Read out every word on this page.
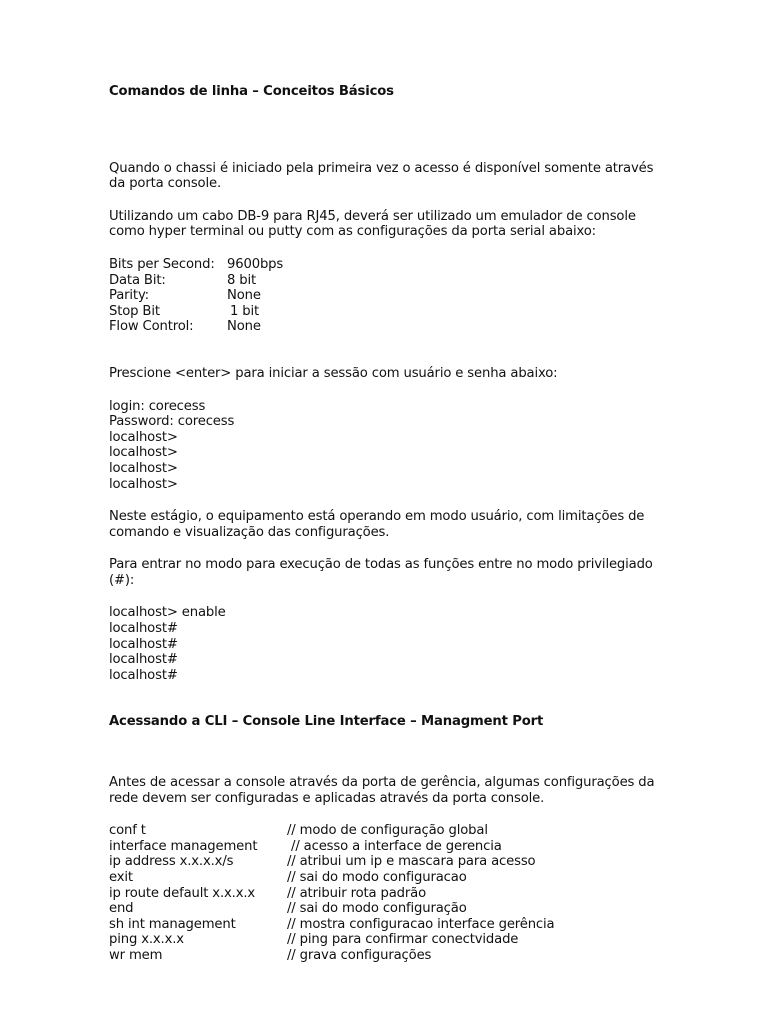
Comandos de linha – Conceitos Básicos

Quando o chassi é iniciado pela primeira vez o acesso é disponível somente através da porta console.

Utilizando um cabo DB-9 para RJ45, deverá ser utilizado um emulador de console como hyper terminal ou putty com as configurações da porta serial abaixo:

Bits per Second: 9600bps
Data Bit:	8 bit
Parity:	None
Stop Bit	1 bit
Flow Control:	None

Prescione <enter> para iniciar a sessão com usuário e senha abaixo:

login: corecess
Password: corecess
localhost>
localhost>
localhost>
localhost>

Neste estágio, o equipamento está operando em modo usuário, com limitações de comando e visualização das configurações.

Para entrar no modo para execução de todas as funções entre no modo privilegiado (#):

localhost> enable
localhost#
localhost#
localhost#
localhost#

Acessando a CLI – Console Line Interface – Managment Port

Antes de acessar a console através da porta de gerência, algumas configurações da rede devem ser configuradas e aplicadas através da porta console.

conf t	// modo de configuração global
interface management	// acesso a interface de gerencia
ip address x.x.x.x/s	// atribui um ip e mascara para acesso
exit	// sai do modo configuracao
ip route default x.x.x.x	// atribuir rota padrão
end	// sai do modo configuração
sh int management	// mostra configuracao interface gerência
ping x.x.x.x	// ping para confirmar conectvidade
wr mem	// grava configurações
